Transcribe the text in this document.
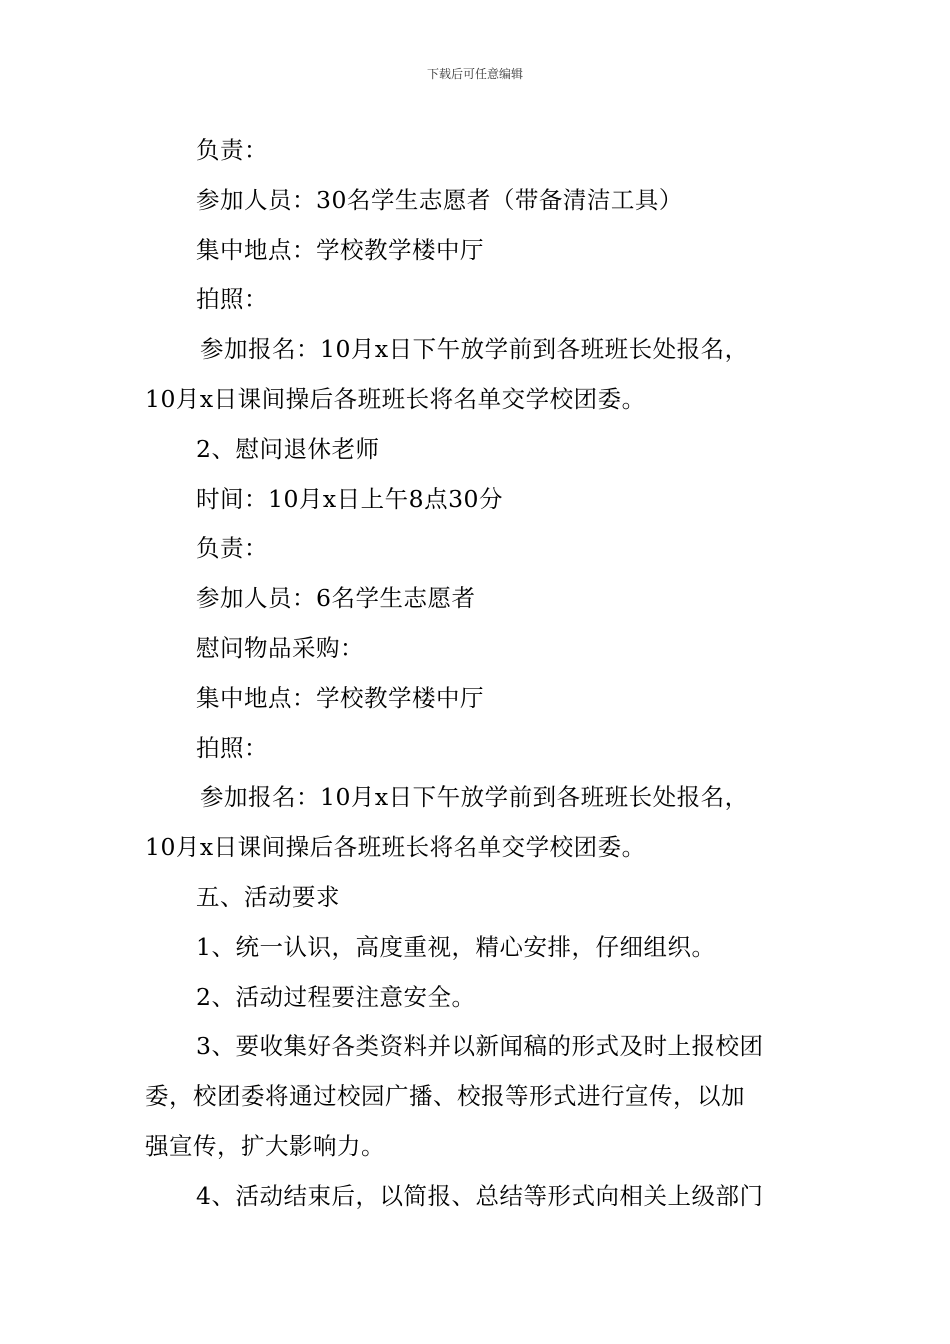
下载后可任意编辑
负责：
参加人员：30名学生志愿者（带备清洁工具）
集中地点：学校教学楼中厅
拍照：
参加报名：10月x日下午放学前到各班班长处报名，
10月x日课间操后各班班长将名单交学校团委。
2、慰问退休老师
时间：10月x日上午8点30分
负责：
参加人员：6名学生志愿者
慰问物品采购：
集中地点：学校教学楼中厅
拍照：
参加报名：10月x日下午放学前到各班班长处报名，
10月x日课间操后各班班长将名单交学校团委。
五、活动要求
1、统一认识，高度重视，精心安排，仔细组织。
2、活动过程要注意安全。
3、要收集好各类资料并以新闻稿的形式及时上报校团
委，校团委将通过校园广播、校报等形式进行宣传，以加
强宣传，扩大影响力。
4、活动结束后，以简报、总结等形式向相关上级部门
